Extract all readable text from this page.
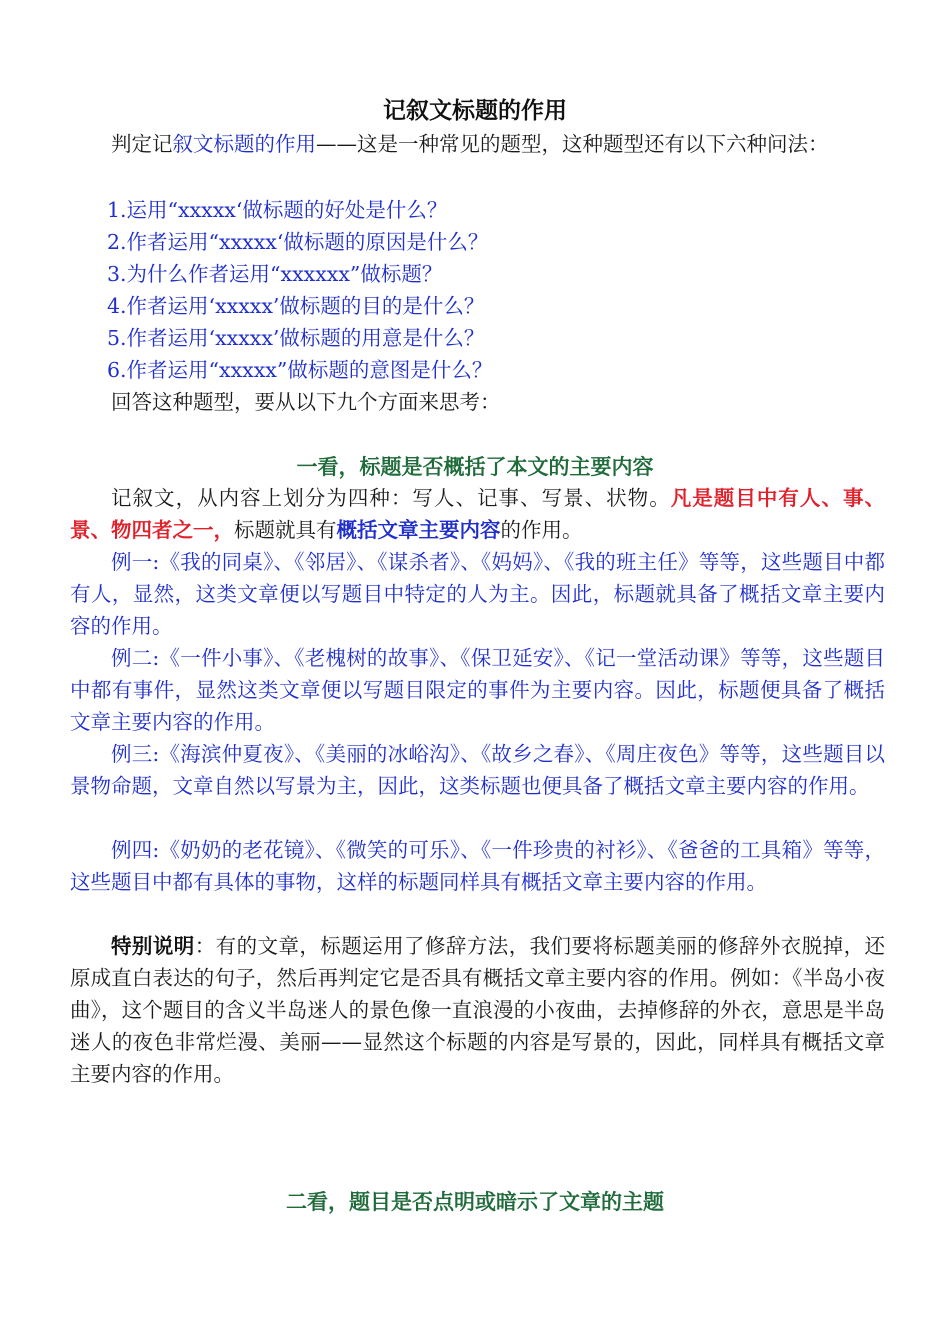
记叙文标题的作用
判定记叙文标题的作用——这是一种常见的题型，这种题型还有以下六种问法：
1.运用“xxxxx‘做标题的好处是什么？
2.作者运用“xxxxx‘做标题的原因是什么？
3.为什么作者运用“xxxxxx”做标题？
4.作者运用‘xxxxx’做标题的目的是什么？
5.作者运用‘xxxxx’做标题的用意是什么？
6.作者运用“xxxxx”做标题的意图是什么？
回答这种题型，要从以下九个方面来思考：
一看，标题是否概括了本文的主要内容
记叙文，从内容上划分为四种：写人、记事、写景、状物。凡是题目中有人、事、景、物四者之一，标题就具有概括文章主要内容的作用。
例一:《我的同桌》、《邻居》、《谋杀者》、《妈妈》、《我的班主任》等等，这些题目中都有人，显然，这类文章便以写题目中特定的人为主。因此，标题就具备了概括文章主要内容的作用。
例二:《一件小事》、《老槐树的故事》、《保卫延安》、《记一堂活动课》等等，这些题目中都有事件，显然这类文章便以写题目限定的事件为主要内容。因此，标题便具备了概括文章主要内容的作用。
例三:《海滨仲夏夜》、《美丽的冰峪沟》、《故乡之春》、《周庄夜色》等等，这些题目以景物命题，文章自然以写景为主，因此，这类标题也便具备了概括文章主要内容的作用。
例四:《奶奶的老花镜》、《微笑的可乐》、《一件珍贵的衬衫》、《爸爸的工具箱》等等，这些题目中都有具体的事物，这样的标题同样具有概括文章主要内容的作用。
特别说明：有的文章，标题运用了修辞方法，我们要将标题美丽的修辞外衣脱掉，还原成直白表达的句子，然后再判定它是否具有概括文章主要内容的作用。例如：《半岛小夜曲》，这个题目的含义半岛迷人的景色像一直浪漫的小夜曲，去掉修辞的外衣，意思是半岛迷人的夜色非常烂漫、美丽——显然这个标题的内容是写景的，因此，同样具有概括文章主要内容的作用。
二看，题目是否点明或暗示了文章的主题
